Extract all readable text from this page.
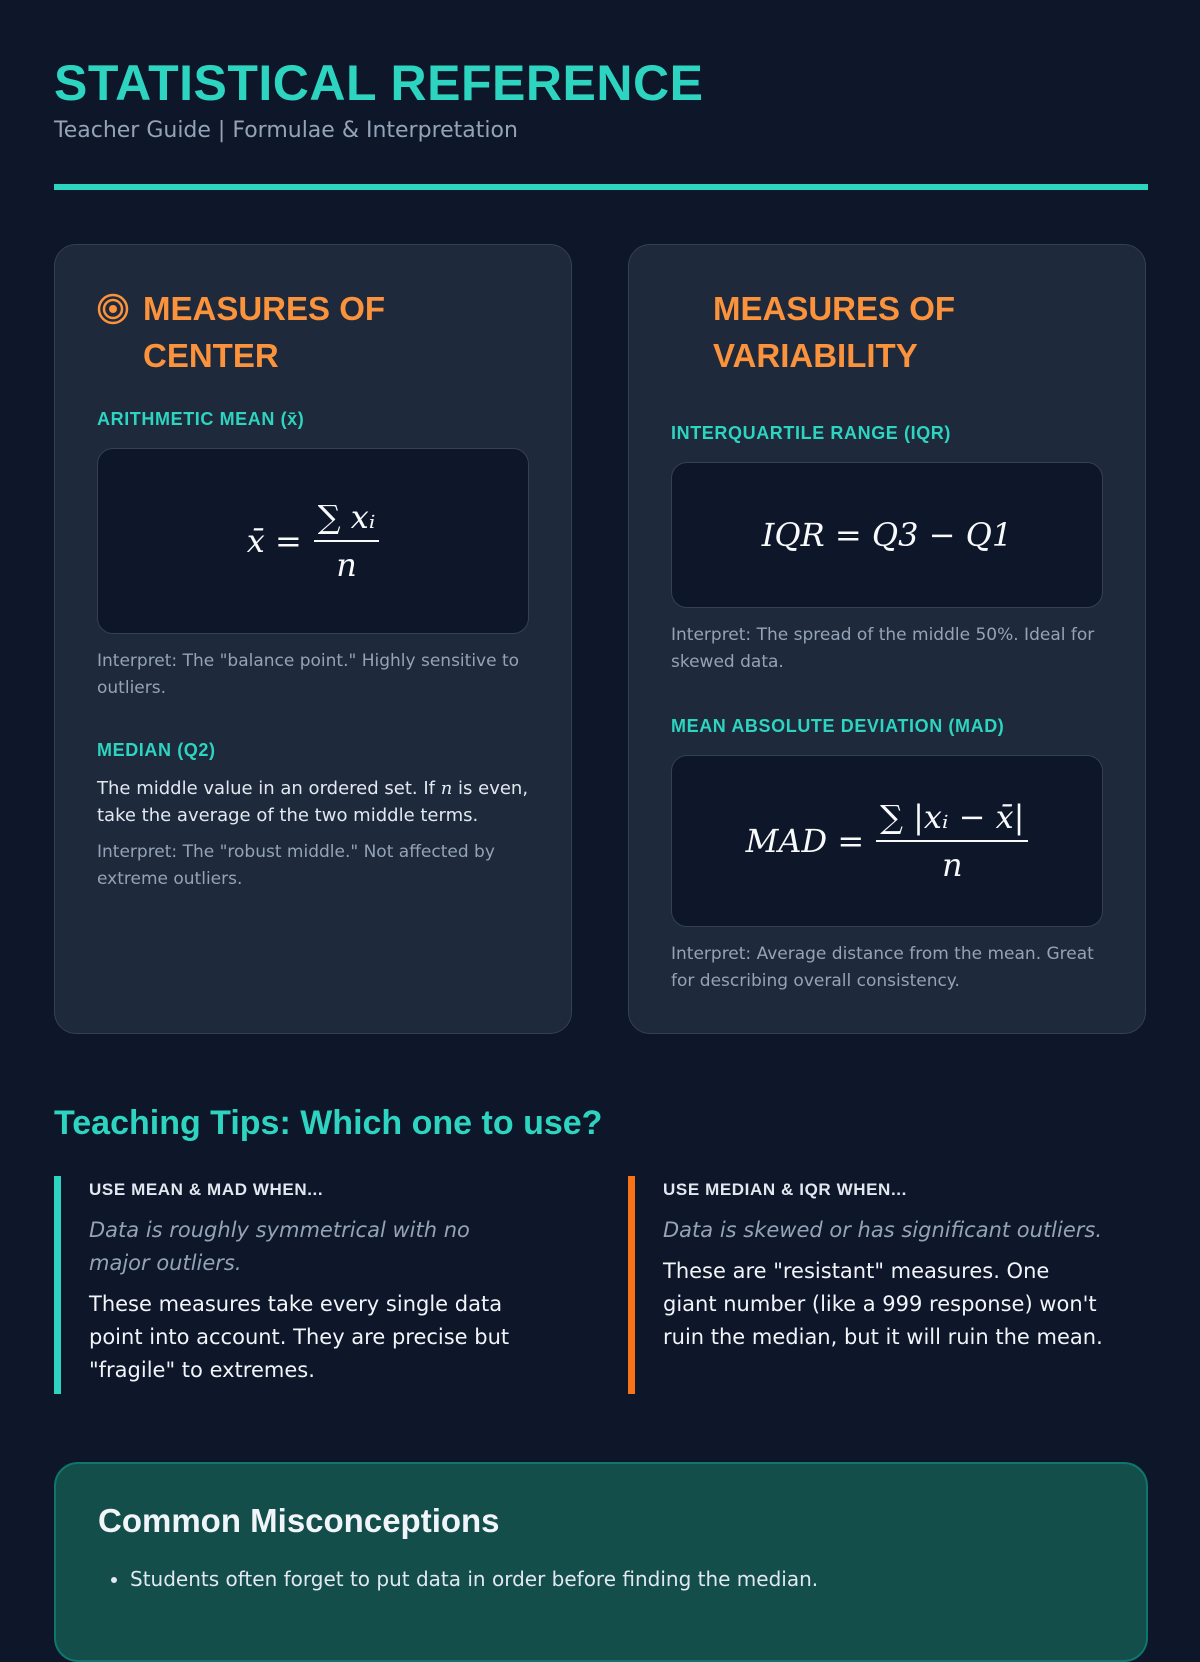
STATISTICAL REFERENCE
Teacher Guide | Formulae & Interpretation
MEASURES OF CENTER
ARITHMETIC MEAN (x̄)
x̄ = $\frac{\text{∑ xᵢ}}{n}$
Interpret: The "balance point." Highly sensitive to outliers.
MEDIAN (Q2)
The middle value in an ordered set. If n is even, take the average of the two middle terms.
Interpret: The "robust middle." Not affected by extreme outliers.
MEASURES OF VARIABILITY
INTERQUARTILE RANGE (IQR)
IQR = Q3 − Q1
Interpret: The spread of the middle 50%. Ideal for skewed data.
MEAN ABSOLUTE DEVIATION (MAD)
MAD = $\frac{\text{∑ |xᵢ − x̄|}}{n}$
Interpret: Average distance from the mean. Great for describing overall consistency.
Teaching Tips: Which one to use?
USE MEAN & MAD WHEN...
Data is roughly symmetrical with no major outliers.
These measures take every single data point into account. They are precise but "fragile" to extremes.
USE MEDIAN & IQR WHEN...
Data is skewed or has significant outliers.
These are "resistant" measures. One giant number (like a 999 response) won't ruin the median, but it will ruin the mean.
Common Misconceptions
• Students often forget to put data in order before finding the median.
